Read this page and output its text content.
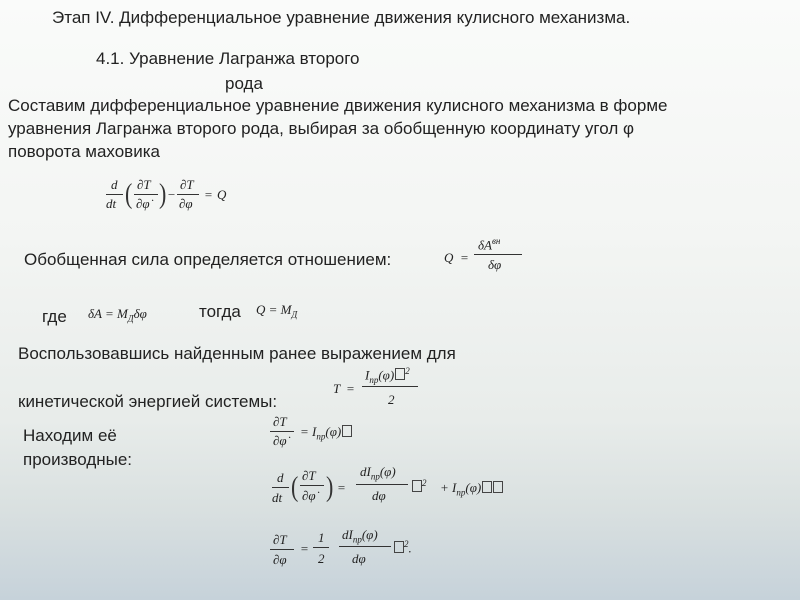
Этап IV. Дифференциальное уравнение движения кулисного механизма.
4.1. Уравнение Лагранжа второго
рода
Составим дифференциальное уравнение движения кулисного механизма в форме
уравнения Лагранжа второго рода, выбирая за обобщенную координату угол φ
поворота маховика
d
dt ( ∂T
∂φ̇ ) −
∂T
∂φ
= Q
Обобщенная сила определяется отношением:	Q =
$\delta A^{вн}$
δφ
где $\delta A = M_Д\delta\varphi$	тогда $Q = M_Д$
Воспользовавшись найденным ранее выражением для
кинетической энергией системы:
T =
$I_{пр}(\varphi)$ $^2$
2
Находим её
производные:
∂T
∂φ̇
= $I_{пр}(\varphi)$
d
dt ( ∂T
∂φ̇ ) =
$dI_{пр}(\varphi)$
dφ
$^2 + I_{пр}(\varphi)$
∂T
∂φ
=
1
2
$dI_{пр}(\varphi)$
dφ
$^2$.
